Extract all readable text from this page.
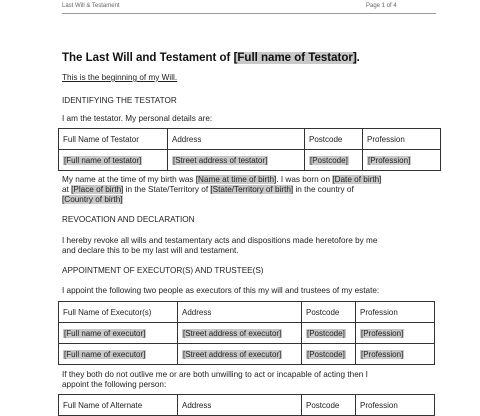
Last Will & Testament	Page 1 of 4
The Last Will and Testament of [Full name of Testator].
This is the beginning of my Will.
IDENTIFYING THE TESTATOR
I am the testator. My personal details are:
Full Name of Testator	Address	Postcode	Profession
[Full name of testator]	[Street address of testator]	[Postcode]	[Profession]
My name at the time of my birth was [Name at time of birth]. I was born on [Date of birth]
at [Place of birth] in the State/Territory of [State/Territory of birth] in the country of
[Country of birth]
REVOCATION AND DECLARATION
I hereby revoke all wills and testamentary acts and dispositions made heretofore by me
and declare this to be my last will and testament.
APPOINTMENT OF EXECUTOR(S) AND TRUSTEE(S)
I appoint the following two people as executors of this my will and trustees of my estate:
Full Name of Executor(s)	Address	Postcode	Profession
[Full name of executor]	[Street address of executor]	[Postcode]	[Profession]
[Full name of executor]	[Street address of executor]	[Postcode]	[Profession]
If they both do not outlive me or are both unwilling to act or incapable of acting then I
appoint the following person:
Full Name of Alternate	Address	Postcode	Profession
